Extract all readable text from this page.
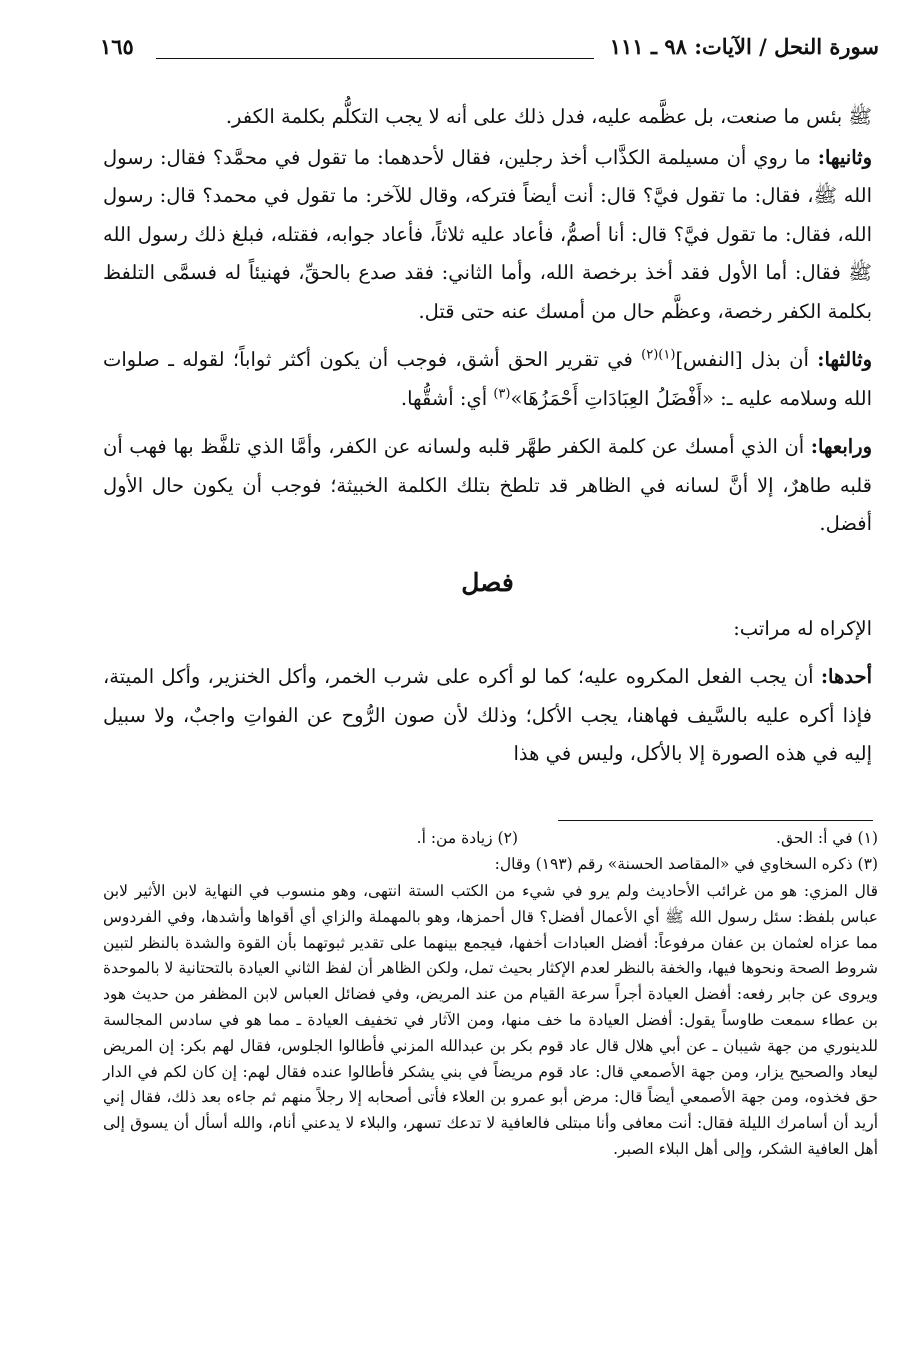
سورة النحل / الآيات: ٩٨ ـ ١١١
١٦٥

ﷺ بئس ما صنعت، بل عظَّمه عليه، فدل ذلك على أنه لا يجب التكلُّم بكلمة الكفر.

وثانيها: ما روي أن مسيلمة الكذَّاب أخذ رجلين، فقال لأحدهما: ما تقول في محمَّد؟ فقال: رسول الله ﷺ، فقال: ما تقول فيَّ؟ قال: أنت أيضاً فتركه، وقال للآخر: ما تقول في محمد؟ قال: رسول الله، فقال: ما تقول فيَّ؟ قال: أنا أصمُّ، فأعاد عليه ثلاثاً، فأعاد جوابه، فقتله، فبلغ ذلك رسول الله ﷺ فقال: أما الأول فقد أخذ برخصة الله، وأما الثاني: فقد صدع بالحقِّ، فهنيئاً له فسمَّى التلفظ بكلمة الكفر رخصة، وعظَّم حال من أمسك عنه حتى قتل.

وثالثها: أن بذل [النفس]$^{(١)(٢)}$ في تقرير الحق أشق، فوجب أن يكون أكثر ثواباً؛ لقوله ـ صلوات الله وسلامه عليه ـ: «أَفْضَلُ العِبَادَاتِ أَحْمَزُهَا»$^{(٣)}$ أي: أشقُّها.

ورابعها: أن الذي أمسك عن كلمة الكفر طهَّر قلبه ولسانه عن الكفر، وأمَّا الذي تلفَّظ بها فهب أن قلبه طاهرٌ، إلا أنَّ لسانه في الظاهر قد تلطخ بتلك الكلمة الخبيثة؛ فوجب أن يكون حال الأول أفضل.

فصل

الإكراه له مراتب:

أحدها: أن يجب الفعل المكروه عليه؛ كما لو أكره على شرب الخمر، وأكل الخنزير، وأكل الميتة، فإذا أكره عليه بالسَّيف فهاهنا، يجب الأكل؛ وذلك لأن صون الرُّوح عن الفواتِ واجبٌ، ولا سبيل إليه في هذه الصورة إلا بالأكل، وليس في هذا

(١) في أ: الحق.
(٢) زيادة من: أ.

(٣) ذكره السخاوي في «المقاصد الحسنة» رقم (١٩٣) وقال:

قال المزي: هو من غرائب الأحاديث ولم يرو في شيء من الكتب الستة انتهى، وهو منسوب في النهاية لابن الأثير لابن عباس بلفظ: سئل رسول الله ﷺ أي الأعمال أفضل؟ قال أحمزها، وهو بالمهملة والزاي أي أقواها وأشدها، وفي الفردوس مما عزاه لعثمان بن عفان مرفوعاً: أفضل العبادات أخفها، فيجمع بينهما على تقدير ثبوتهما بأن القوة والشدة بالنظر لتبين شروط الصحة ونحوها فيها، والخفة بالنظر لعدم الإكثار بحيث تمل، ولكن الظاهر أن لفظ الثاني العيادة بالتحتانية لا بالموحدة ويروى عن جابر رفعه: أفضل العيادة أجراً سرعة القيام من عند المريض، وفي فضائل العباس لابن المظفر من حديث هود بن عطاء سمعت طاوساً يقول: أفضل العيادة ما خف منها، ومن الآثار في تخفيف العيادة ـ مما هو في سادس المجالسة للدينوري من جهة شيبان ـ عن أبي هلال قال عاد قوم بكر بن عبدالله المزني فأطالوا الجلوس، فقال لهم بكر: إن المريض ليعاد والصحيح يزار، ومن جهة الأصمعي قال: عاد قوم مريضاً في بني يشكر فأطالوا عنده فقال لهم: إن كان لكم في الدار حق فخذوه، ومن جهة الأصمعي أيضاً قال: مرض أبو عمرو بن العلاء فأتى أصحابه إلا رجلاً منهم ثم جاءه بعد ذلك، فقال إني أريد أن أسامرك الليلة فقال: أنت معافى وأنا مبتلى فالعافية لا تدعك تسهر، والبلاء لا يدعني أنام، والله أسأل أن يسوق إلى أهل العافية الشكر، وإلى أهل البلاء الصبر.
